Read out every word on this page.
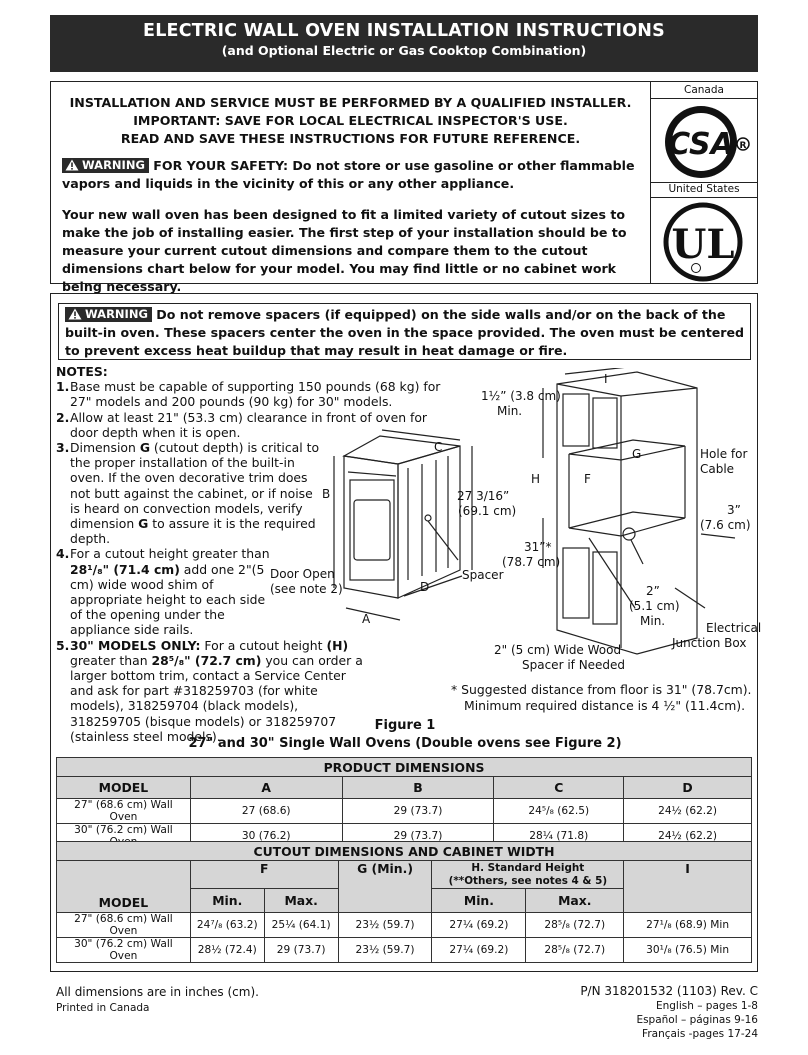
ELECTRIC WALL OVEN INSTALLATION INSTRUCTIONS
(and Optional Electric or Gas Cooktop Combination)
INSTALLATION AND SERVICE MUST BE PERFORMED BY A QUALIFIED INSTALLER.
IMPORTANT: SAVE FOR LOCAL ELECTRICAL INSPECTOR'S USE.
READ AND SAVE THESE INSTRUCTIONS FOR FUTURE REFERENCE.
WARNING FOR YOUR SAFETY: Do not store or use gasoline or other flammable vapors and liquids in the vicinity of this or any other appliance.
Your new wall oven has been designed to fit a limited variety of cutout sizes to make the job of installing easier. The first step of your installation should be to measure your current cutout dimensions and compare them to the cutout dimensions chart below for your model. You may find little or no cabinet work being necessary.
Canada
CSA R
United States
UL
WARNING Do not remove spacers (if equipped) on the side walls and/or on the back of the built-in oven. These spacers center the oven in the space provided. The oven must be centered to prevent excess heat buildup that may result in heat damage or fire.
NOTES:
1. Base must be capable of supporting 150 pounds (68 kg) for 27" models and 200 pounds (90 kg) for 30" models.
2. Allow at least 21" (53.3 cm) clearance in front of oven for door depth when it is open.
3. Dimension G (cutout depth) is critical to the proper installation of the built-in oven. If the oven decorative trim does not butt against the cabinet, or if noise is heard on convection models, verify dimension G to assure it is the required depth.
4. For a cutout height greater than 28¹/₈" (71.4 cm) add one 2"(5 cm) wide wood shim of appropriate height to each side of the opening under the appliance side rails.
5. 30" MODELS ONLY: For a cutout height (H) greater than 28⁵/₈" (72.7 cm) you can order a larger bottom trim, contact a Service Center and ask for part #318259703 (for white models), 318259704 (black models), 318259705 (bisque models) or 318259707 (stainless steel models).
C
B
A
D
27 3/16”
(69.1 cm)
Door Open
(see note 2)
Spacer
1½” (3.8 cm)
Min.
I
G
F
H
Hole for
Cable
3”
(7.6 cm)
31”*
(78.7 cm)
2”
(5.1 cm)
Min.	Electrical
Junction Box
2" (5 cm) Wide Wood
Spacer if Needed
* Suggested distance from floor is 31" (78.7cm).
Minimum required distance is 4 ½" (11.4cm).
Figure 1
27" and 30" Single Wall Ovens (Double ovens see Figure 2)
PRODUCT DIMENSIONS				
MODEL	A	B	C	D
27" (68.6 cm) Wall Oven	27 (68.6)	29 (73.7)	24⁵/₈ (62.5)	24½ (62.2)
30" (76.2 cm) Wall	30 (76.2)	29 (73.7)	28¼ (71.8)	24½ (62.2)
CUTOUT DIMENSIONS AND CABINET WIDTH						
MODEL	F		G (Min.)	H. Standard Height
(**Others, see notes 4 & 5)		I
	Min.	Max.		Min.	Max.	
27" (68.6 cm) Wall Oven	24⁷/₈ (63.2)	25¼ (64.1)	23½ (59.7)	27¼ (69.2)	28⁵/₈ (72.7)	27¹/₈ (68.9) Min
30" (76.2 cm) Wall Oven	28½ (72.4)	29 (73.7)	23½ (59.7)	27¼ (69.2)	28⁵/₈ (72.7)	30¹/₈ (76.5) Min
All dimensions are in inches (cm).
Printed in Canada
P/N 318201532 (1103) Rev. C
English – pages 1-8
Español – páginas 9-16
Français -pages 17-24
